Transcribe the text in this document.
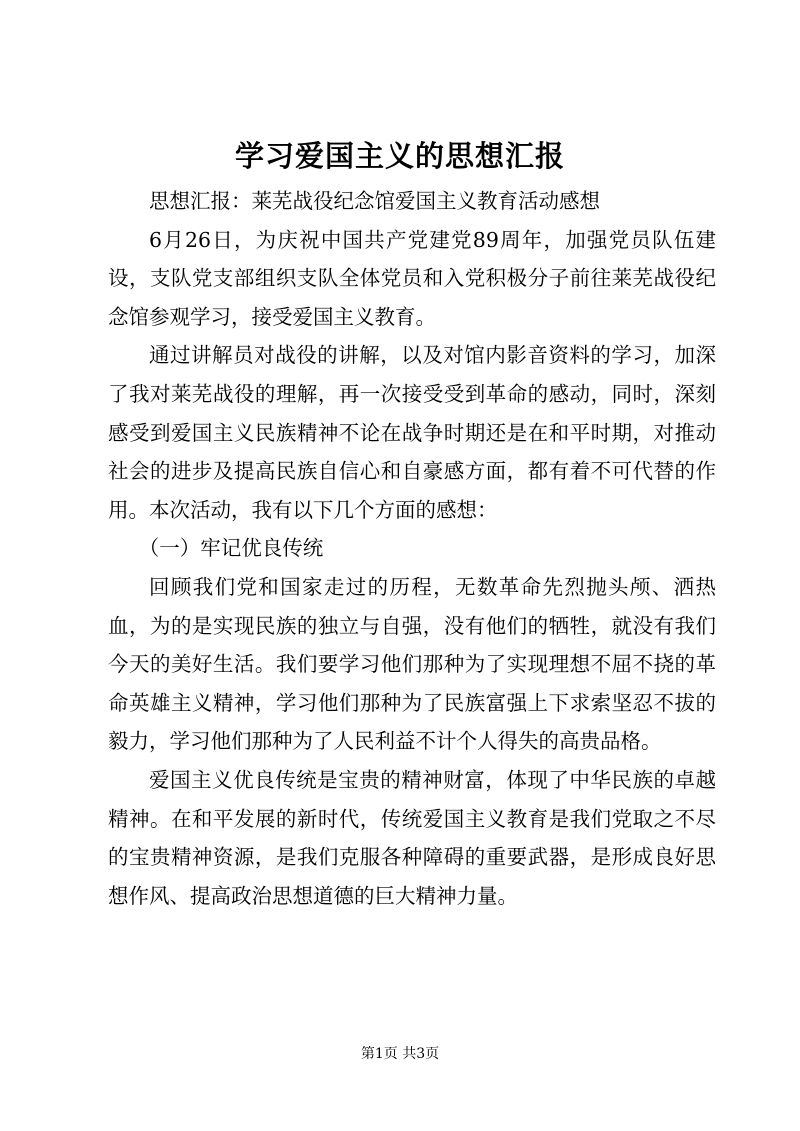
学习爱国主义的思想汇报

思想汇报：莱芜战役纪念馆爱国主义教育活动感想

6月26日，为庆祝中国共产党建党89周年，加强党员队伍建设，支队党支部组织支队全体党员和入党积极分子前往莱芜战役纪念馆参观学习，接受爱国主义教育。

通过讲解员对战役的讲解，以及对馆内影音资料的学习，加深了我对莱芜战役的理解，再一次接受受到革命的感动，同时，深刻感受到爱国主义民族精神不论在战争时期还是在和平时期，对推动社会的进步及提高民族自信心和自豪感方面，都有着不可代替的作用。本次活动，我有以下几个方面的感想：

（一）牢记优良传统

回顾我们党和国家走过的历程，无数革命先烈抛头颅、洒热血，为的是实现民族的独立与自强，没有他们的牺牲，就没有我们今天的美好生活。我们要学习他们那种为了实现理想不屈不挠的革命英雄主义精神，学习他们那种为了民族富强上下求索坚忍不拔的毅力，学习他们那种为了人民利益不计个人得失的高贵品格。

爱国主义优良传统是宝贵的精神财富，体现了中华民族的卓越精神。在和平发展的新时代，传统爱国主义教育是我们党取之不尽的宝贵精神资源，是我们克服各种障碍的重要武器，是形成良好思想作风、提高政治思想道德的巨大精神力量。

第1页 共3页
